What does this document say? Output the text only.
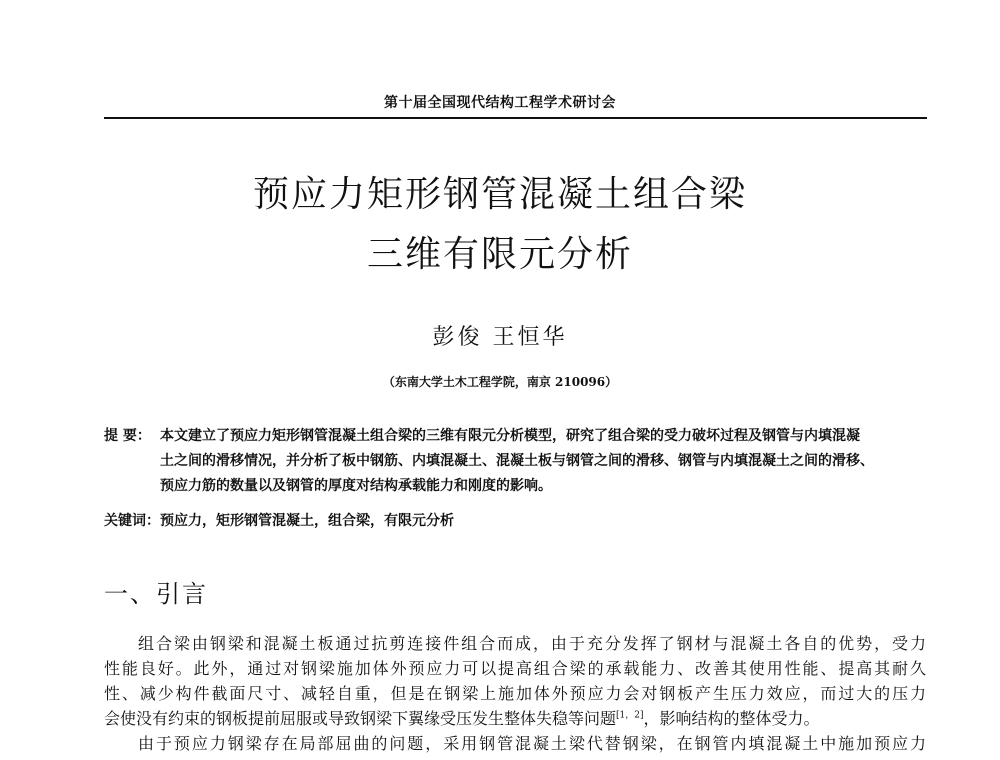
第十届全国现代结构工程学术研讨会
预应力矩形钢管混凝土组合梁
三维有限元分析
彭俊 王恒华
（东南大学土木工程学院，南京 210096）
提 要： 本文建立了预应力矩形钢管混凝土组合梁的三维有限元分析模型，研究了组合梁的受力破坏过程及钢管与内填混凝
土之间的滑移情况，并分析了板中钢筋、内填混凝土、混凝土板与钢管之间的滑移、钢管与内填混凝土之间的滑移、
预应力筋的数量以及钢管的厚度对结构承载能力和刚度的影响。
关键词：预应力，矩形钢管混凝土，组合梁，有限元分析
一、引言
组合梁由钢梁和混凝土板通过抗剪连接件组合而成，由于充分发挥了钢材与混凝土各自的优势，受力
性能良好。此外，通过对钢梁施加体外预应力可以提高组合梁的承载能力、改善其使用性能、提高其耐久
性、减少构件截面尺寸、减轻自重，但是在钢梁上施加体外预应力会对钢板产生压力效应，而过大的压力
会使没有约束的钢板提前屈服或导致钢梁下翼缘受压发生整体失稳等问题[1，2]，影响结构的整体受力。
由于预应力钢梁存在局部屈曲的问题，采用钢管混凝土梁代替钢梁，在钢管内填混凝土中施加预应力
